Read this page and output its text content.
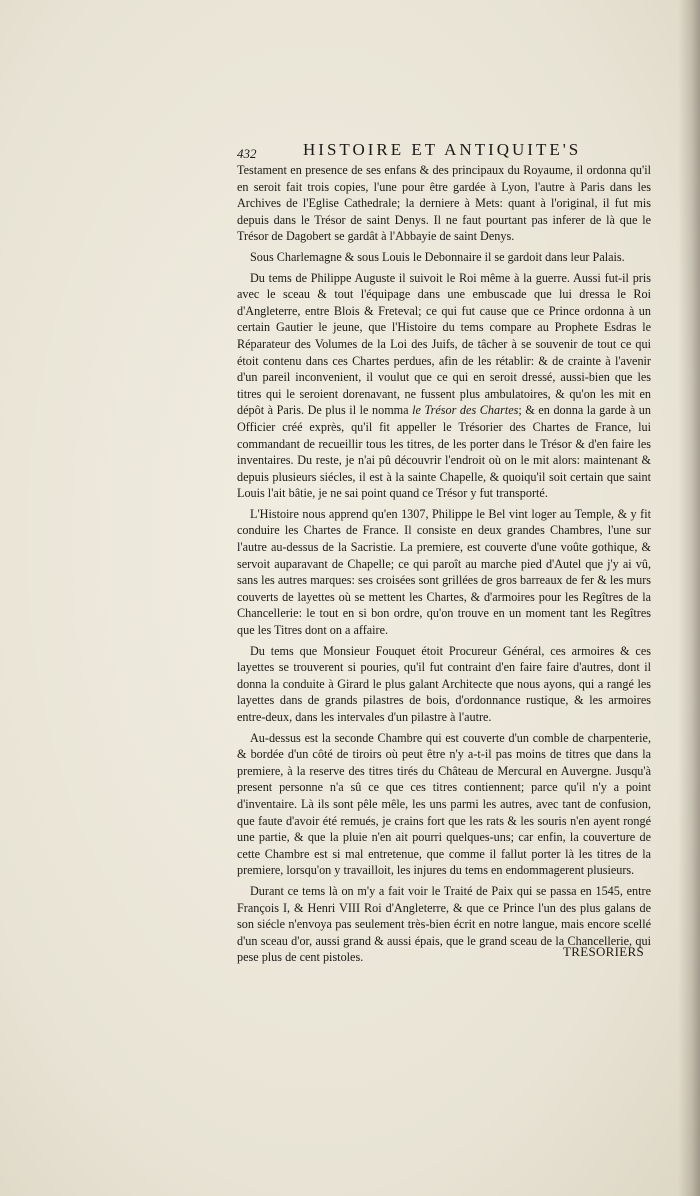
432	HISTOIRE ET ANTIQUITE'S

Testament en presence de ses enfans & des principaux du Royaume, il ordonna qu'il en seroit fait trois copies, l'une pour être gardée à Lyon, l'autre à Paris dans les Archives de l'Eglise Cathedrale; la derniere à Mets: quant à l'original, il fut mis depuis dans le Trésor de saint Denys. Il ne faut pourtant pas inferer de là que le Trésor de Dagobert se gardât à l'Abbayie de saint Denys.

Sous Charlemagne & sous Louis le Debonnaire il se gardoit dans leur Palais.

Du tems de Philippe Auguste il suivoit le Roi même à la guerre. Aussi fut-il pris avec le sceau & tout l'équipage dans une embuscade que lui dressa le Roi d'Angleterre, entre Blois & Freteval; ce qui fut cause que ce Prince ordonna à un certain Gautier le jeune, que l'Histoire du tems compare au Prophete Esdras le Réparateur des Volumes de la Loi des Juifs, de tâcher à se souvenir de tout ce qui étoit contenu dans ces Chartes perdues, afin de les rétablir: & de crainte à l'avenir d'un pareil inconvenient, il voulut que ce qui en seroit dressé, aussi-bien que les titres qui le seroient dorenavant, ne fussent plus ambulatoires, & qu'on les mit en dépôt à Paris. De plus il le nomma le Trésor des Chartes; & en donna la garde à un Officier créé exprès, qu'il fit appeller le Trésorier des Chartes de France, lui commandant de recueillir tous les titres, de les porter dans le Trésor & d'en faire les inventaires. Du reste, je n'ai pû découvrir l'endroit où on le mit alors: maintenant & depuis plusieurs siécles, il est à la sainte Chapelle, & quoiqu'il soit certain que saint Louis l'ait bâtie, je ne sai point quand ce Trésor y fut transporté.

L'Histoire nous apprend qu'en 1307, Philippe le Bel vint loger au Temple, & y fit conduire les Chartes de France. Il consiste en deux grandes Chambres, l'une sur l'autre au-dessus de la Sacristie. La premiere, est couverte d'une voûte gothique, & servoit auparavant de Chapelle; ce qui paroît au marche pied d'Autel que j'y ai vû, sans les autres marques: ses croisées sont grillées de gros barreaux de fer & les murs couverts de layettes où se mettent les Chartes, & d'armoires pour les Regîtres de la Chancellerie: le tout en si bon ordre, qu'on trouve en un moment tant les Regîtres que les Titres dont on a affaire.

Du tems que Monsieur Fouquet étoit Procureur Général, ces armoires & ces layettes se trouverent si pouries, qu'il fut contraint d'en faire faire d'autres, dont il donna la conduite à Girard le plus galant Architecte que nous ayons, qui a rangé les layettes dans de grands pilastres de bois, d'ordonnance rustique, & les armoires entre-deux, dans les intervales d'un pilastre à l'autre.

Au-dessus est la seconde Chambre qui est couverte d'un comble de charpenterie, & bordée d'un côté de tiroirs où peut être n'y a-t-il pas moins de titres que dans la premiere, à la reserve des titres tirés du Château de Mercural en Auvergne. Jusqu'à present personne n'a sû ce que ces titres contiennent; parce qu'il n'y a point d'inventaire. Là ils sont pêle mêle, les uns parmi les autres, avec tant de confusion, que faute d'avoir été remués, je crains fort que les rats & les souris n'en ayent rongé une partie, & que la pluie n'en ait pourri quelques-uns; car enfin, la couverture de cette Chambre est si mal entretenue, que comme il fallut porter là les titres de la premiere, lorsqu'on y travailloit, les injures du tems en endommagerent plusieurs.

Durant ce tems là on m'y a fait voir le Traité de Paix qui se passa en 1545, entre François I, & Henri VIII Roi d'Angleterre, & que ce Prince l'un des plus galans de son siécle n'envoya pas seulement très-bien écrit en notre langue, mais encore scellé d'un sceau d'or, aussi grand & aussi épais, que le grand sceau de la Chancellerie, qui pese plus de cent pistoles.	TRESORIERS
